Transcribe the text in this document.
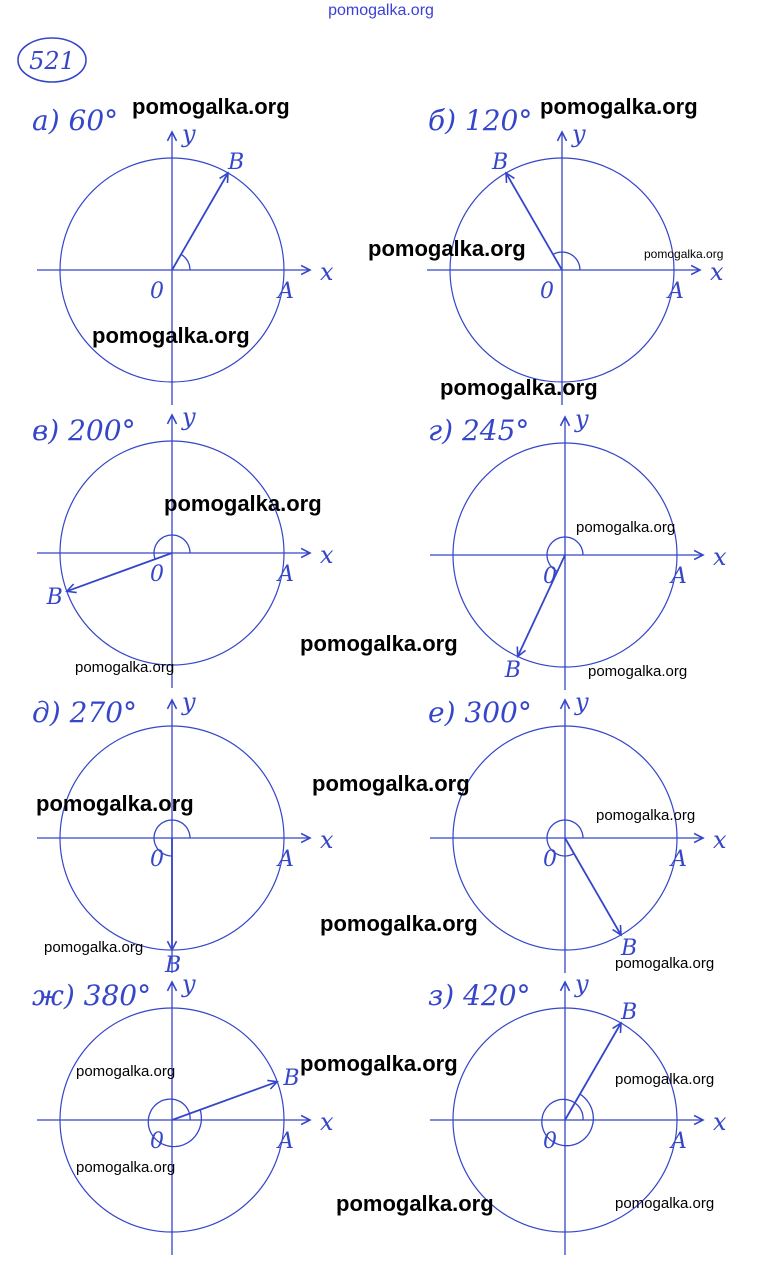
pomogalka.org
521
x
y
0	A
B
а) 60°
x
y
0	A
B
б) 120°
x
y
0	A
B
в) 200°
x
y
0	A
B
г) 245°
x
y
0	A
B
д) 270°
x
y
0	A
B
е) 300°
x
y
0	A
B
ж) 380°
x
y
0	A
B
з) 420°
pomogalka.org	pomogalka.org
pomogalka.org	pomogalka.org
pomogalka.org
pomogalka.org
pomogalka.org
pomogalka.org
pomogalka.org
pomogalka.org	pomogalka.org
pomogalka.org
pomogalka.org	pomogalka.org
pomogalka.org
pomogalka.org
pomogalka.org
pomogalka.org
pomogalka.org	pomogalka.org
pomogalka.org
pomogalka.org	pomogalka.org
